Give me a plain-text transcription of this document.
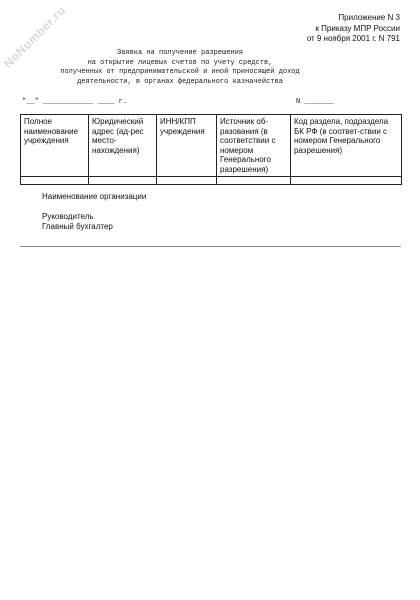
NoNumber.ru	Приложение N 3
к Приказу МПР России
от 9 ноября 2001 г. N 791
Заявка на получение разрешения
на открытие лицевых счетов по учету средств,
полученных от предпринимательской и иной приносящей доход
деятельности, в органах федерального казначейства
"__" ____________ ____ г.	N _______
Полное наименование учреждения	Юридический адрес (ад-рес место-нахождения)	ИНН/КПП учреждения	Источник об-разования (в соответствии с номером Генерального разрешения)	Код раздела, подраздела БК РФ (в соответ-ствии с номером Генерального разрешения)

Наименование организации
Руководитель
Главный бухгалтер
